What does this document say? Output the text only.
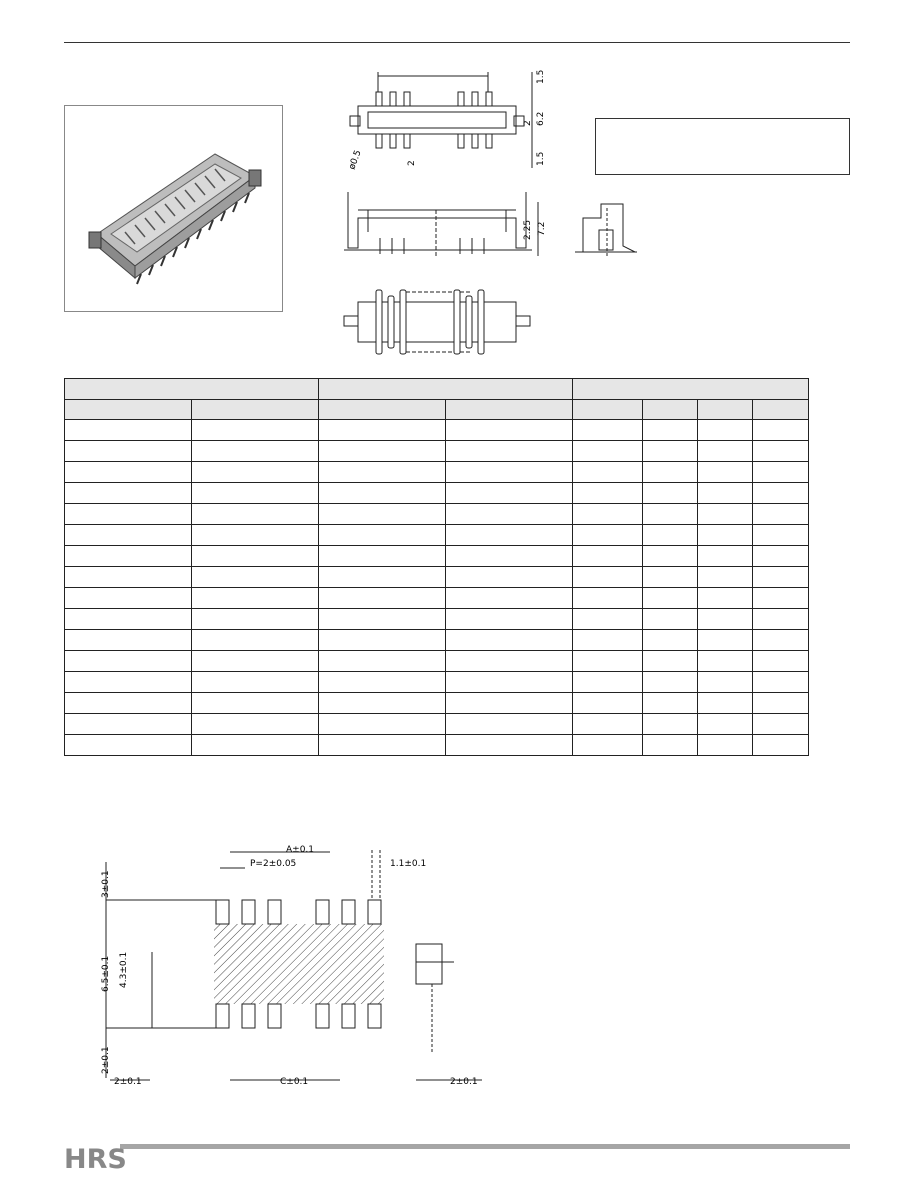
1.5
6.2
2
1.5
ø0.5	2
2.25 7.2

A±0.1
P=2±0.05	1.1±0.1
3±0.1
6.5±0.1 4.3±0.1
2±0.1
2±0.1	C±0.1	2±0.1
HRS
